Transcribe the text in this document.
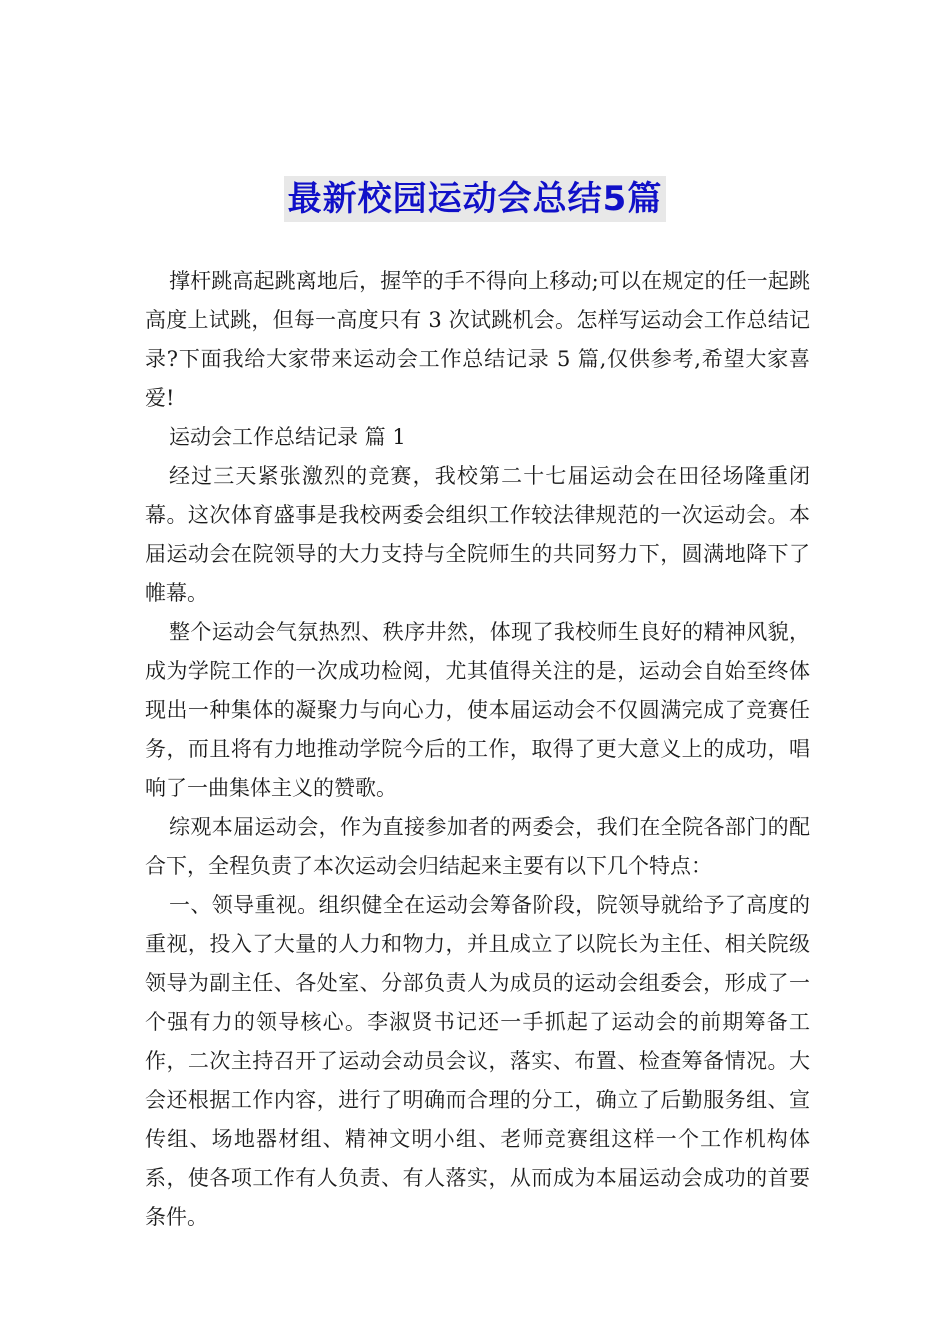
最新校园运动会总结5篇

撑杆跳高起跳离地后，握竿的手不得向上移动;可以在规定的任一起跳高度上试跳，但每一高度只有 3 次试跳机会。怎样写运动会工作总结记录?下面我给大家带来运动会工作总结记录 5 篇,仅供参考,希望大家喜爱!

运动会工作总结记录 篇 1

经过三天紧张激烈的竞赛，我校第二十七届运动会在田径场隆重闭幕。这次体育盛事是我校两委会组织工作较法律规范的一次运动会。本届运动会在院领导的大力支持与全院师生的共同努力下，圆满地降下了帷幕。

整个运动会气氛热烈、秩序井然，体现了我校师生良好的精神风貌，成为学院工作的一次成功检阅，尤其值得关注的是，运动会自始至终体现出一种集体的凝聚力与向心力，使本届运动会不仅圆满完成了竞赛任务，而且将有力地推动学院今后的工作，取得了更大意义上的成功，唱响了一曲集体主义的赞歌。

综观本届运动会，作为直接参加者的两委会，我们在全院各部门的配合下，全程负责了本次运动会归结起来主要有以下几个特点：

一、领导重视。组织健全在运动会筹备阶段，院领导就给予了高度的重视，投入了大量的人力和物力，并且成立了以院长为主任、相关院级领导为副主任、各处室、分部负责人为成员的运动会组委会，形成了一个强有力的领导核心。李淑贤书记还一手抓起了运动会的前期筹备工作，二次主持召开了运动会动员会议，落实、布置、检查筹备情况。大会还根据工作内容，进行了明确而合理的分工，确立了后勤服务组、宣传组、场地器材组、精神文明小组、老师竞赛组这样一个工作机构体系，使各项工作有人负责、有人落实，从而成为本届运动会成功的首要条件。
